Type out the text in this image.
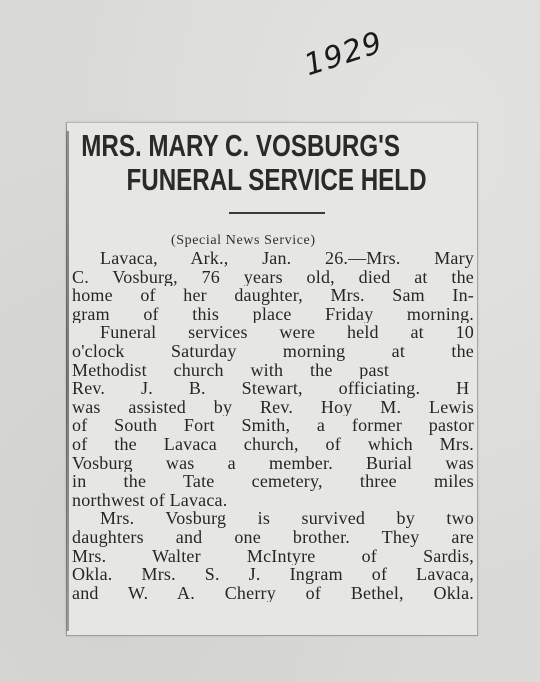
1929
MRS. MARY C. VOSBURG'S
FUNERAL SERVICE HELD
(Special News Service)
Lavaca, Ark., Jan. 26.—Mrs. Mary
C. Vosburg, 76 years old, died at the
home of her daughter, Mrs. Sam In-
gram of this place Friday morning.
Funeral services were held at 10
o'clock Saturday morning at the
Methodist church with the past
Rev. J. B. Stewart, officiating. H
was assisted by Rev. Hoy M. Lewis
of South Fort Smith, a former pastor
of the Lavaca church, of which Mrs.
Vosburg was a member. Burial was
in the Tate cemetery, three miles
northwest of Lavaca.
Mrs. Vosburg is survived by two
daughters and one brother. They are
Mrs. Walter McIntyre of Sardis,
Okla. Mrs. S. J. Ingram of Lavaca,
and W. A. Cherry of Bethel, Okla.
